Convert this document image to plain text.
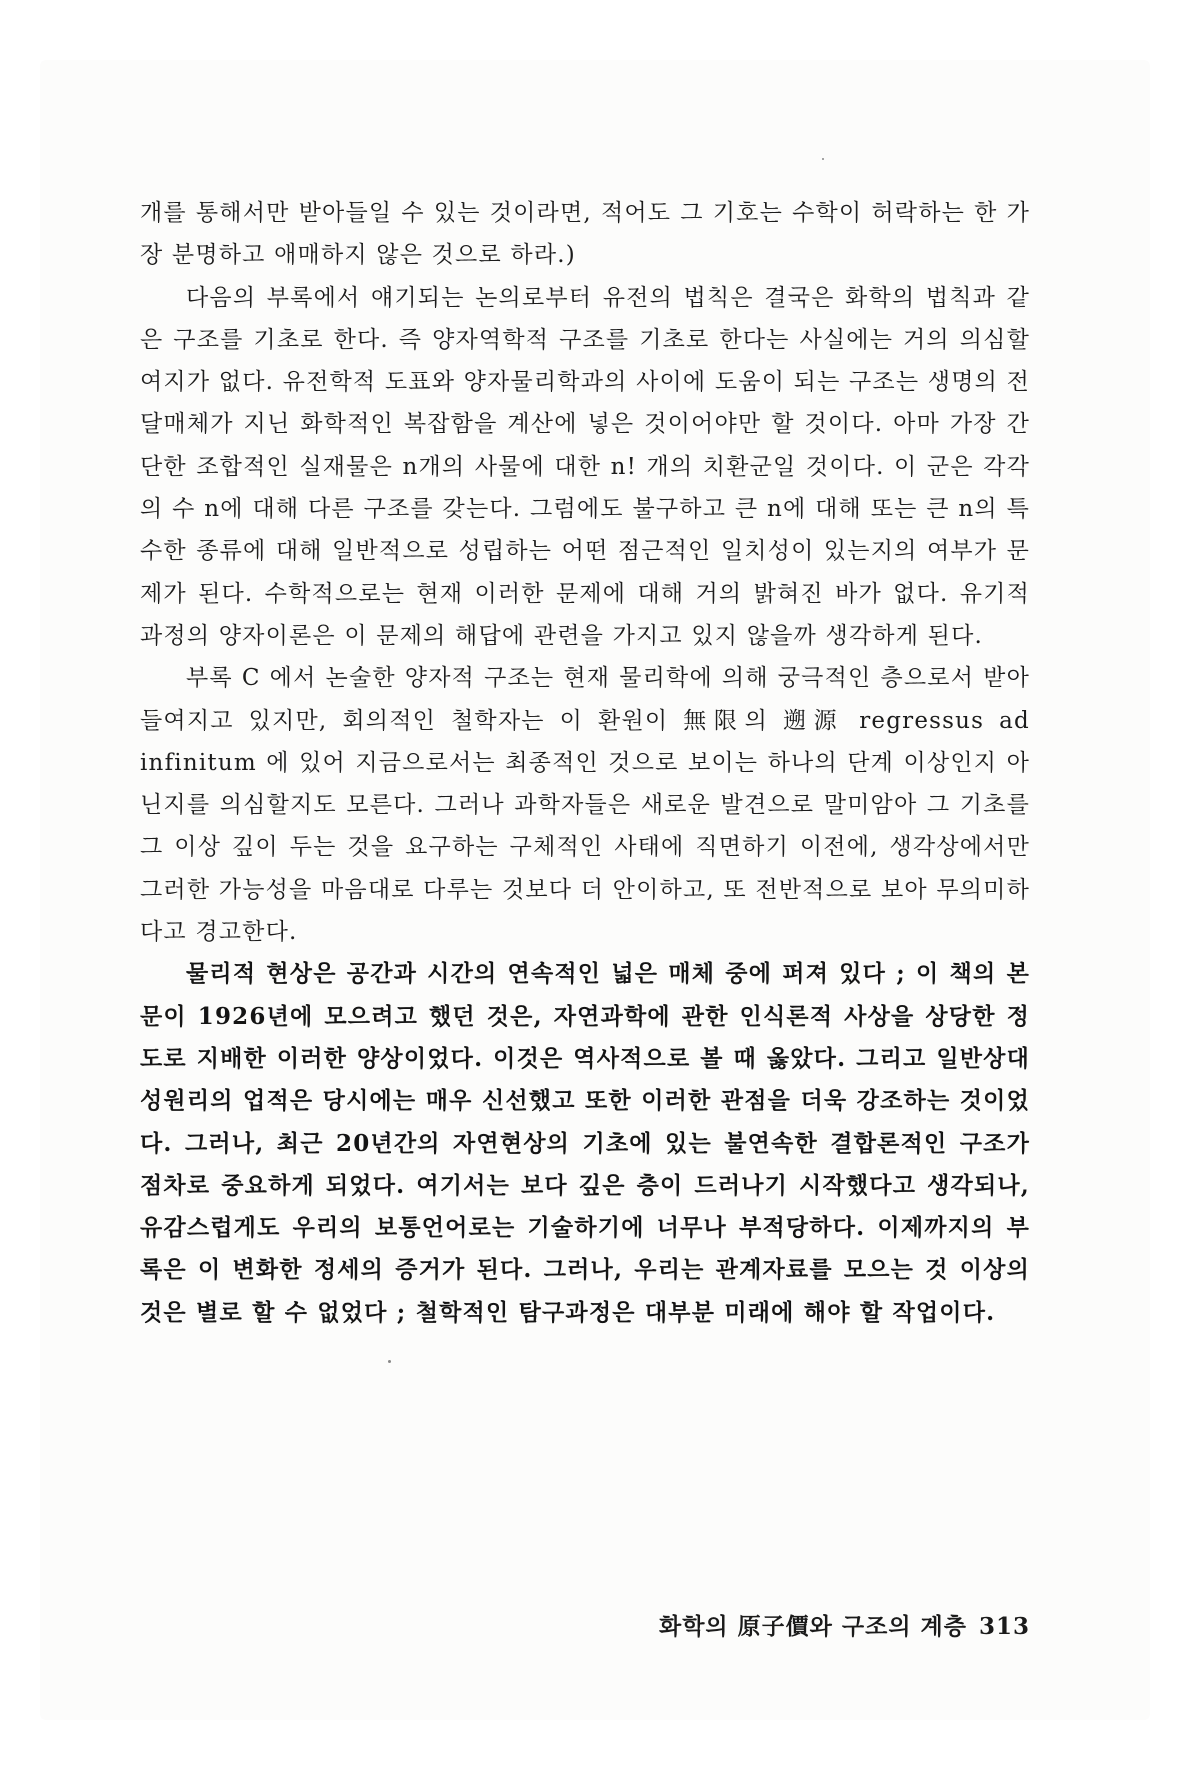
개를 통해서만 받아들일 수 있는 것이라면, 적어도 그 기호는 수학이 허락하는 한 가장 분명하고 애매하지 않은 것으로 하라.)

다음의 부록에서 얘기되는 논의로부터 유전의 법칙은 결국은 화학의 법칙과 같은 구조를 기초로 한다. 즉 양자역학적 구조를 기초로 한다는 사실에는 거의 의심할 여지가 없다. 유전학적 도표와 양자물리학과의 사이에 도움이 되는 구조는 생명의 전달매체가 지닌 화학적인 복잡함을 계산에 넣은 것이어야만 할 것이다. 아마 가장 간단한 조합적인 실재물은 n개의 사물에 대한 n! 개의 치환군일 것이다. 이 군은 각각의 수 n에 대해 다른 구조를 갖는다. 그럼에도 불구하고 큰 n에 대해 또는 큰 n의 특수한 종류에 대해 일반적으로 성립하는 어떤 점근적인 일치성이 있는지의 여부가 문제가 된다. 수학적으로는 현재 이러한 문제에 대해 거의 밝혀진 바가 없다. 유기적 과정의 양자이론은 이 문제의 해답에 관련을 가지고 있지 않을까 생각하게 된다.

부록 C 에서 논술한 양자적 구조는 현재 물리학에 의해 궁극적인 층으로서 받아들여지고 있지만, 회의적인 철학자는 이 환원이 無限의 遡源 regressus ad infinitum 에 있어 지금으로서는 최종적인 것으로 보이는 하나의 단계 이상인지 아닌지를 의심할지도 모른다. 그러나 과학자들은 새로운 발견으로 말미암아 그 기초를 그 이상 깊이 두는 것을 요구하는 구체적인 사태에 직면하기 이전에, 생각상에서만 그러한 가능성을 마음대로 다루는 것보다 더 안이하고, 또 전반적으로 보아 무의미하다고 경고한다.

물리적 현상은 공간과 시간의 연속적인 넓은 매체 중에 퍼져 있다 ; 이 책의 본문이 1926년에 모으려고 했던 것은, 자연과학에 관한 인식론적 사상을 상당한 정도로 지배한 이러한 양상이었다. 이것은 역사적으로 볼 때 옳았다. 그리고 일반상대성원리의 업적은 당시에는 매우 신선했고 또한 이러한 관점을 더욱 강조하는 것이었다. 그러나, 최근 20년간의 자연현상의 기초에 있는 불연속한 결합론적인 구조가 점차로 중요하게 되었다. 여기서는 보다 깊은 층이 드러나기 시작했다고 생각되나, 유감스럽게도 우리의 보통언어로는 기술하기에 너무나 부적당하다. 이제까지의 부록은 이 변화한 정세의 증거가 된다. 그러나, 우리는 관계자료를 모으는 것 이상의 것은 별로 할 수 없었다 ; 철학적인 탐구과정은 대부분 미래에 해야 할 작업이다.

화학의 原子價와 구조의 계층 313
